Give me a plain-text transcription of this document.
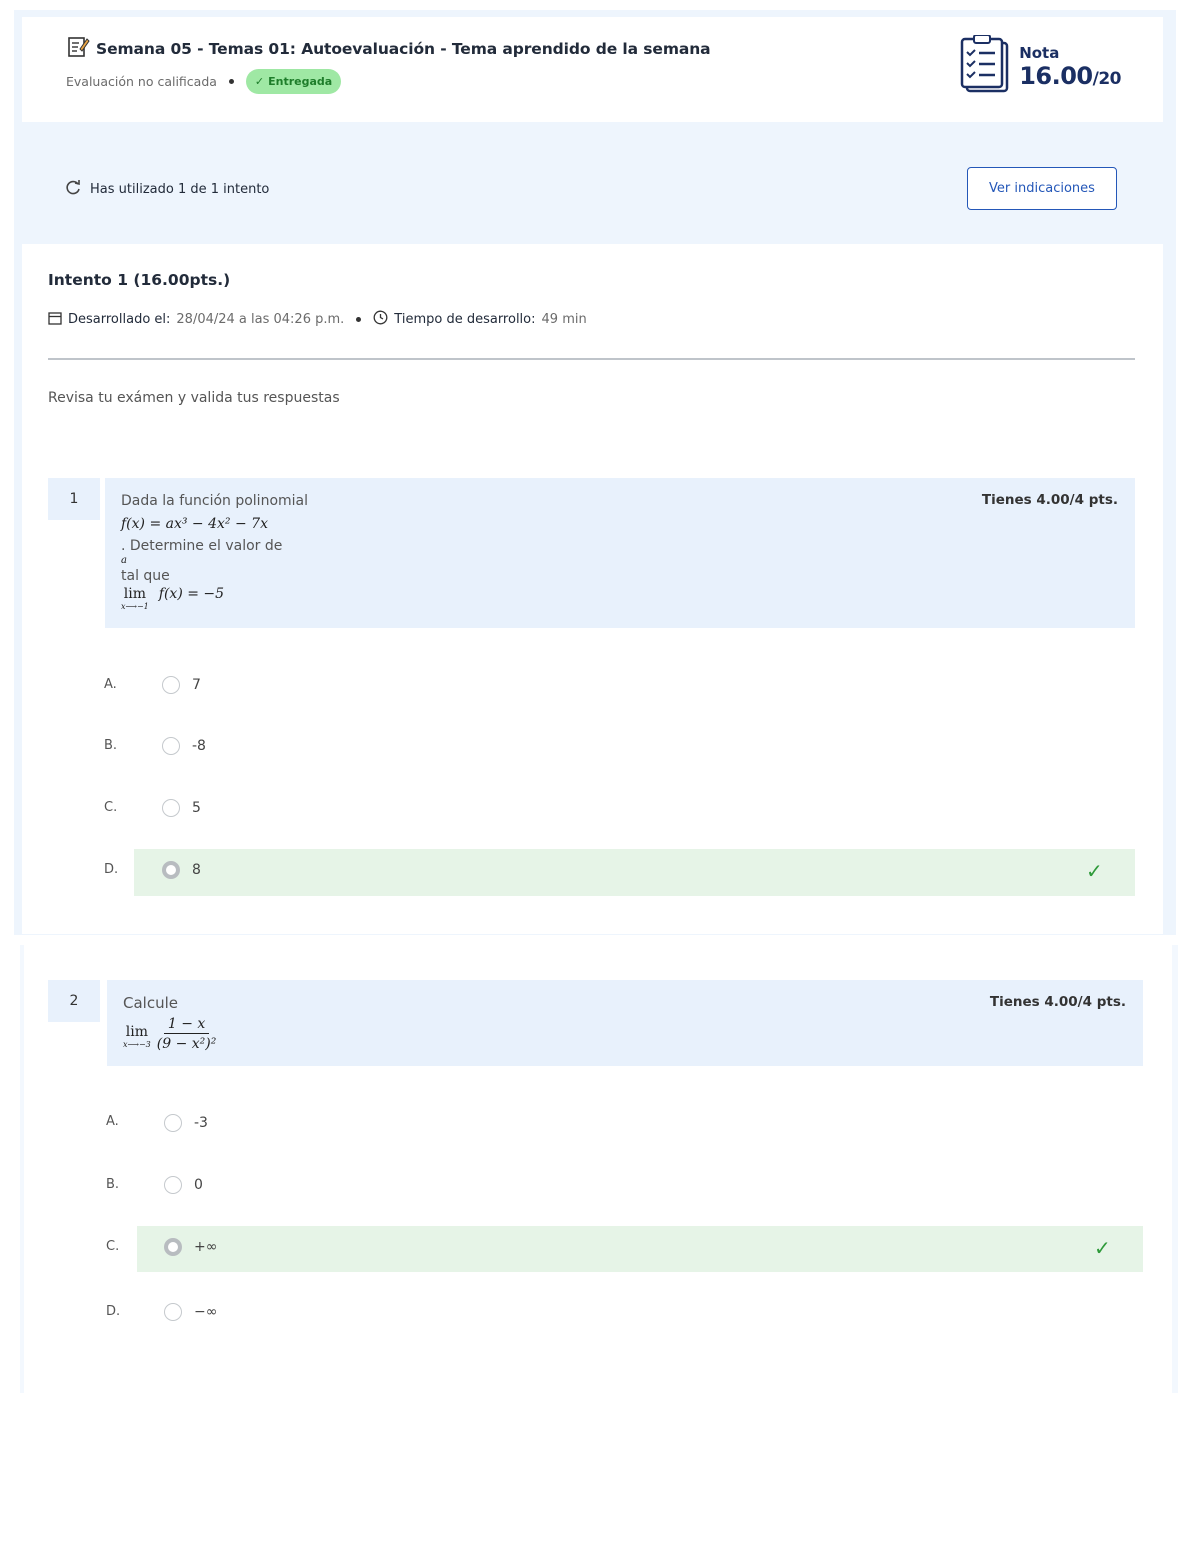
Semana 05 - Temas 01: Autoevaluación - Tema aprendido de la semana
Evaluación no calificada	✓ Entregada
Nota
16.00/20
Has utilizado 1 de 1 intento	Ver indicaciones
Intento 1 (16.00pts.)
Desarrollado el: 28/04/24 a las 04:26 p.m.	Tiempo de desarrollo: 49 min
Revisa tu exámen y valida tus respuestas
1	Dada la función polinomial
f(x) = ax³ − 4x² − 7x
. Determine el valor de
a
tal que
lim
x⟶−1
f(x) = −5
Tienes 4.00/4 pts.
✓
A.	7
B.	-8
C.	5
D.	8
2	Calcule
lim
x⟶−3 $\frac{1 - x}{\text{(9 − x²)²}}$
Tienes 4.00/4 pts.
✓
A.	-3
B.	0
C.	+∞
D.	−∞
